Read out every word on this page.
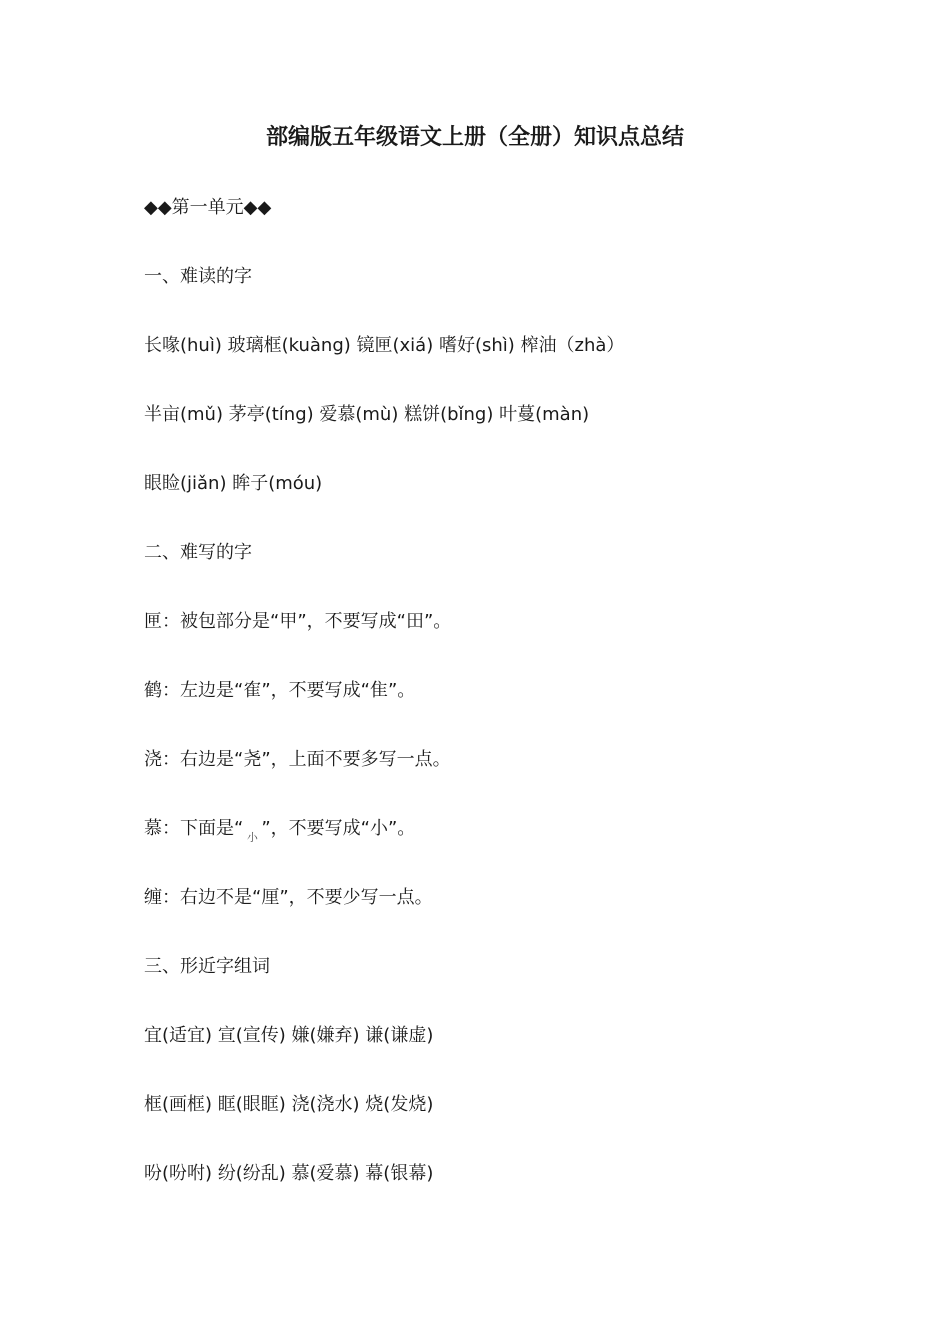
部编版五年级语文上册（全册）知识点总结
◆◆第一单元◆◆
一、难读的字
长喙(huì) 玻璃框(kuàng) 镜匣(xiá) 嗜好(shì) 榨油（zhà）
半亩(mǔ) 茅亭(tíng) 爱慕(mù) 糕饼(bǐng) 叶蔓(màn)
眼睑(jiǎn) 眸子(móu)
二、难写的字
匣：被包部分是“甲”，不要写成“田”。
鹤：左边是“隺”，不要写成“隹”。
浇：右边是“尧”，上面不要多写一点。
慕：下面是“ 小 ”，不要写成“小”。
缠：右边不是“厘”，不要少写一点。
三、形近字组词
宜(适宜) 宣(宣传) 嫌(嫌弃) 谦(谦虚)
框(画框) 眶(眼眶) 浇(浇水) 烧(发烧)
吩(吩咐) 纷(纷乱) 慕(爱慕) 幕(银幕)
